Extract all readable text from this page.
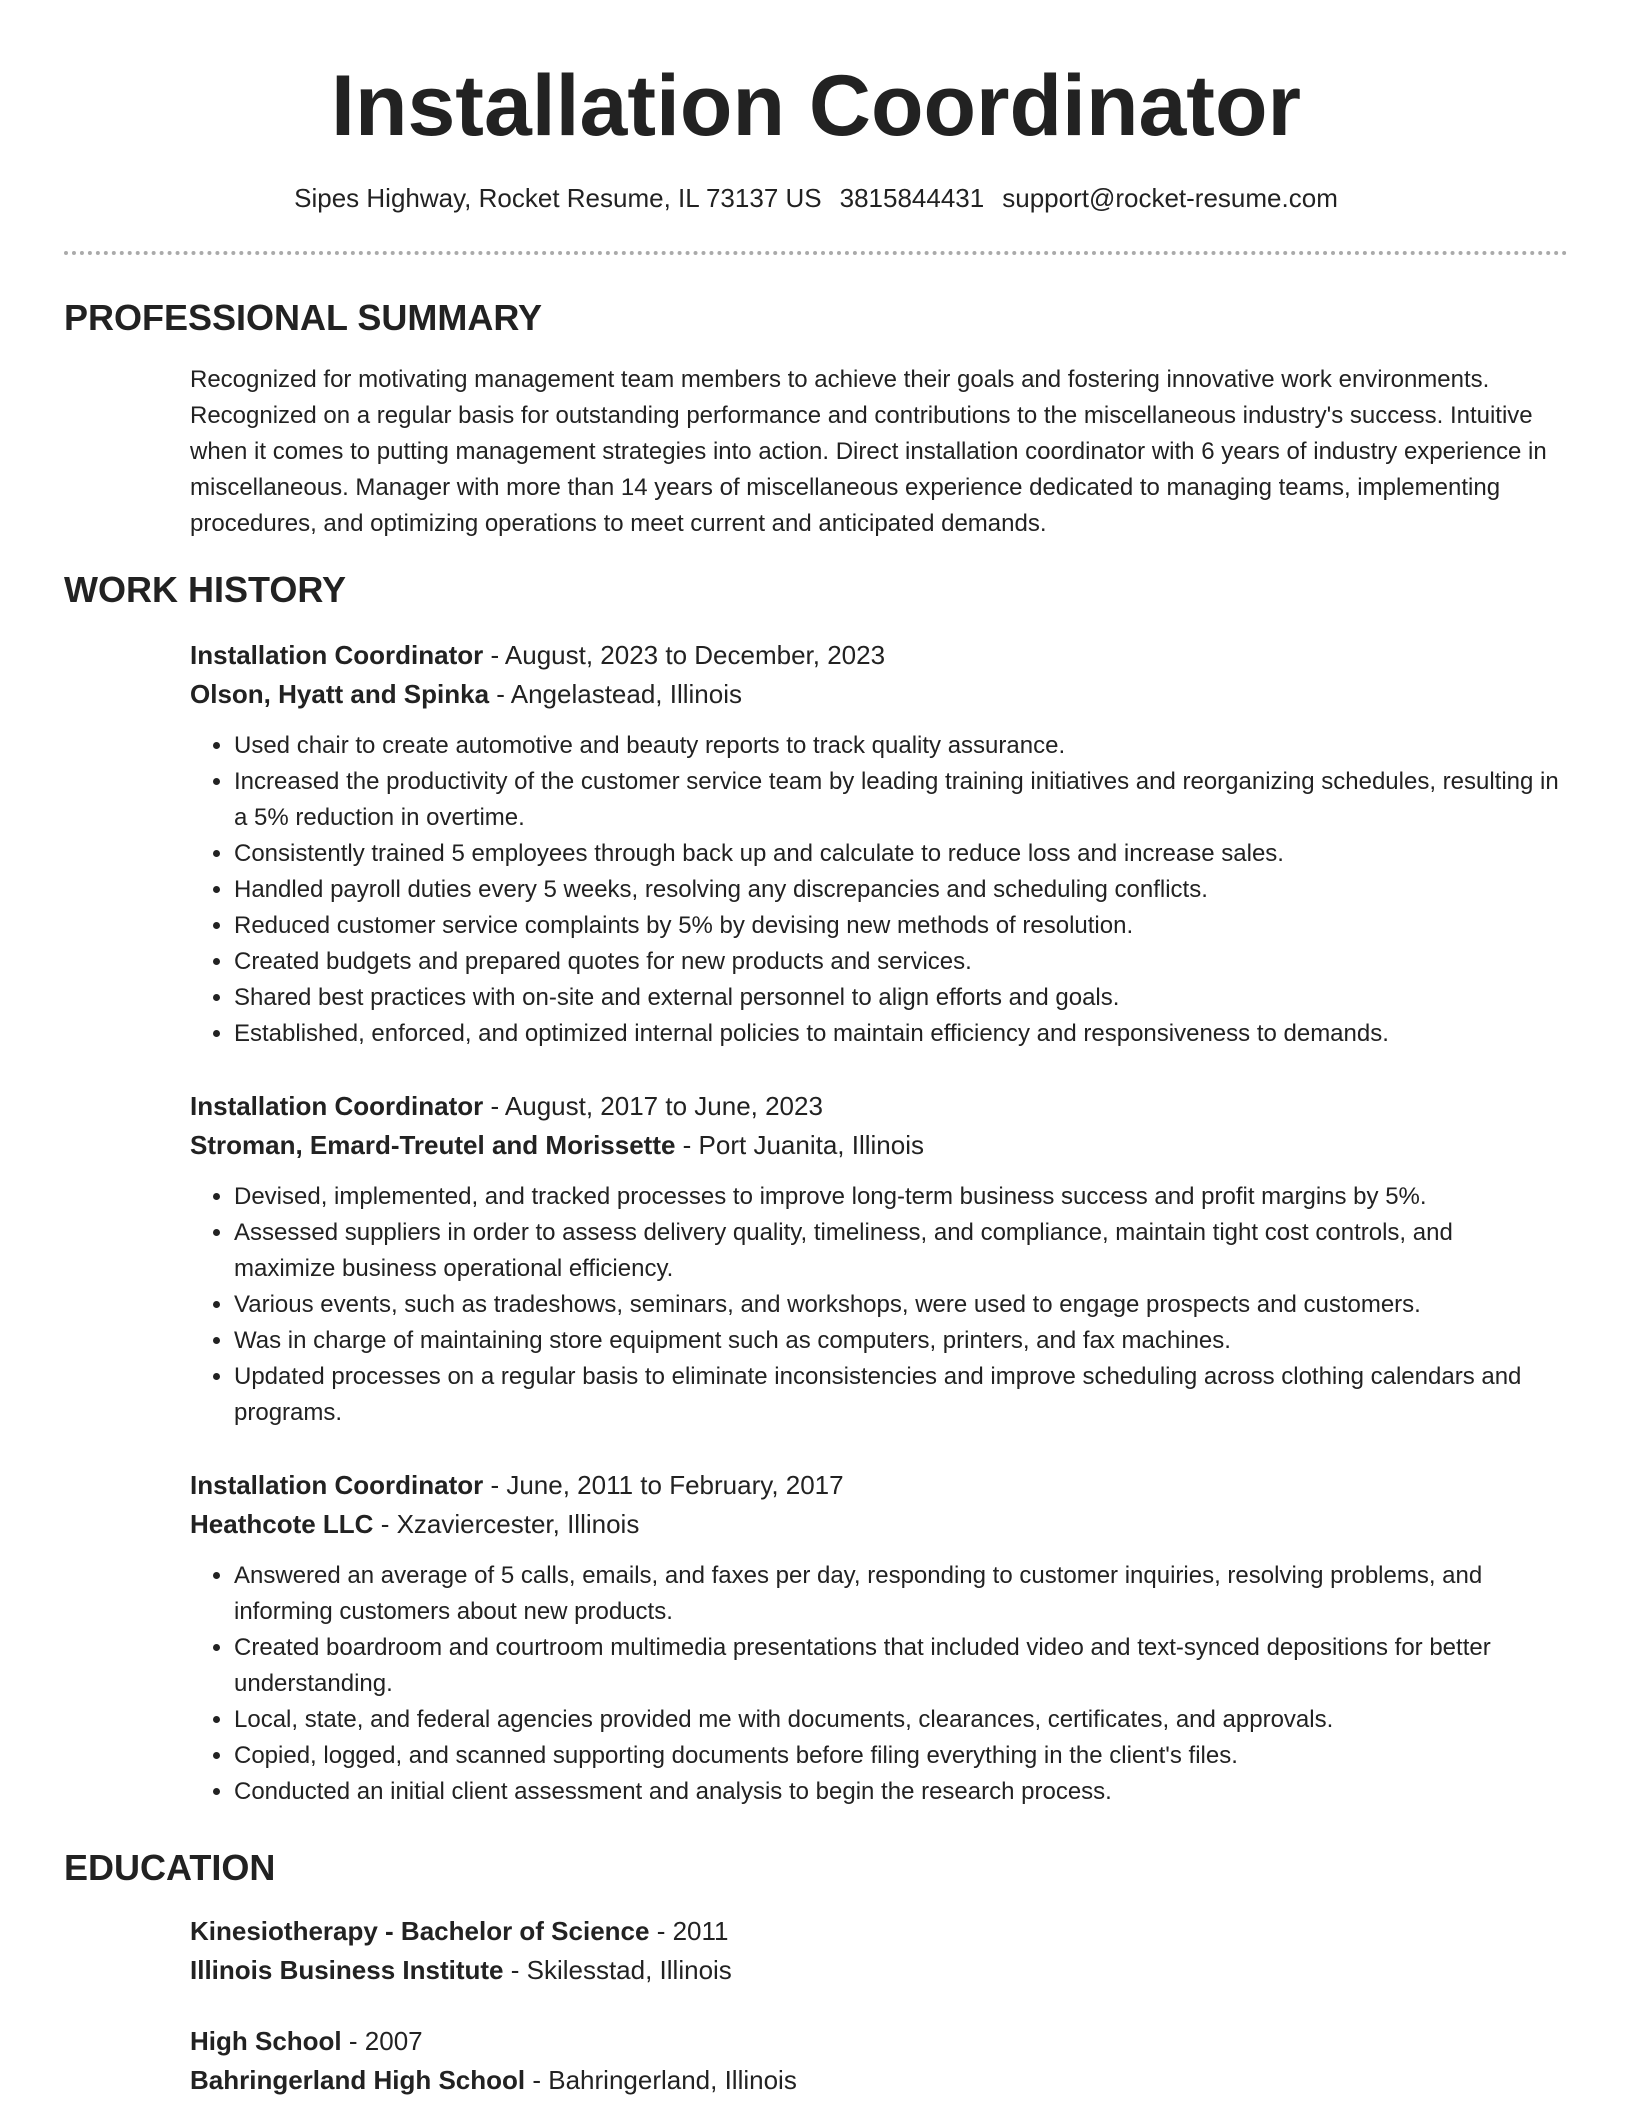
Installation Coordinator
Sipes Highway, Rocket Resume, IL 73137 US 3815844431 support@rocket-resume.com
PROFESSIONAL SUMMARY
Recognized for motivating management team members to achieve their goals and fostering innovative work environments. Recognized on a regular basis for outstanding performance and contributions to the miscellaneous industry's success. Intuitive when it comes to putting management strategies into action. Direct installation coordinator with 6 years of industry experience in miscellaneous. Manager with more than 14 years of miscellaneous experience dedicated to managing teams, implementing procedures, and optimizing operations to meet current and anticipated demands.
WORK HISTORY
Installation Coordinator - August, 2023 to December, 2023
Olson, Hyatt and Spinka - Angelastead, Illinois
• Used chair to create automotive and beauty reports to track quality assurance.
• Increased the productivity of the customer service team by leading training initiatives and reorganizing schedules, resulting in a 5% reduction in overtime.
• Consistently trained 5 employees through back up and calculate to reduce loss and increase sales.
• Handled payroll duties every 5 weeks, resolving any discrepancies and scheduling conflicts.
• Reduced customer service complaints by 5% by devising new methods of resolution.
• Created budgets and prepared quotes for new products and services.
• Shared best practices with on-site and external personnel to align efforts and goals.
• Established, enforced, and optimized internal policies to maintain efficiency and responsiveness to demands.
Installation Coordinator - August, 2017 to June, 2023
Stroman, Emard-Treutel and Morissette - Port Juanita, Illinois
• Devised, implemented, and tracked processes to improve long-term business success and profit margins by 5%.
• Assessed suppliers in order to assess delivery quality, timeliness, and compliance, maintain tight cost controls, and maximize business operational efficiency.
• Various events, such as tradeshows, seminars, and workshops, were used to engage prospects and customers.
• Was in charge of maintaining store equipment such as computers, printers, and fax machines.
• Updated processes on a regular basis to eliminate inconsistencies and improve scheduling across clothing calendars and programs.
Installation Coordinator - June, 2011 to February, 2017
Heathcote LLC - Xzaviercester, Illinois
• Answered an average of 5 calls, emails, and faxes per day, responding to customer inquiries, resolving problems, and informing customers about new products.
• Created boardroom and courtroom multimedia presentations that included video and text-synced depositions for better understanding.
• Local, state, and federal agencies provided me with documents, clearances, certificates, and approvals.
• Copied, logged, and scanned supporting documents before filing everything in the client's files.
• Conducted an initial client assessment and analysis to begin the research process.
EDUCATION
Kinesiotherapy - Bachelor of Science - 2011
Illinois Business Institute - Skilesstad, Illinois
High School - 2007
Bahringerland High School - Bahringerland, Illinois
